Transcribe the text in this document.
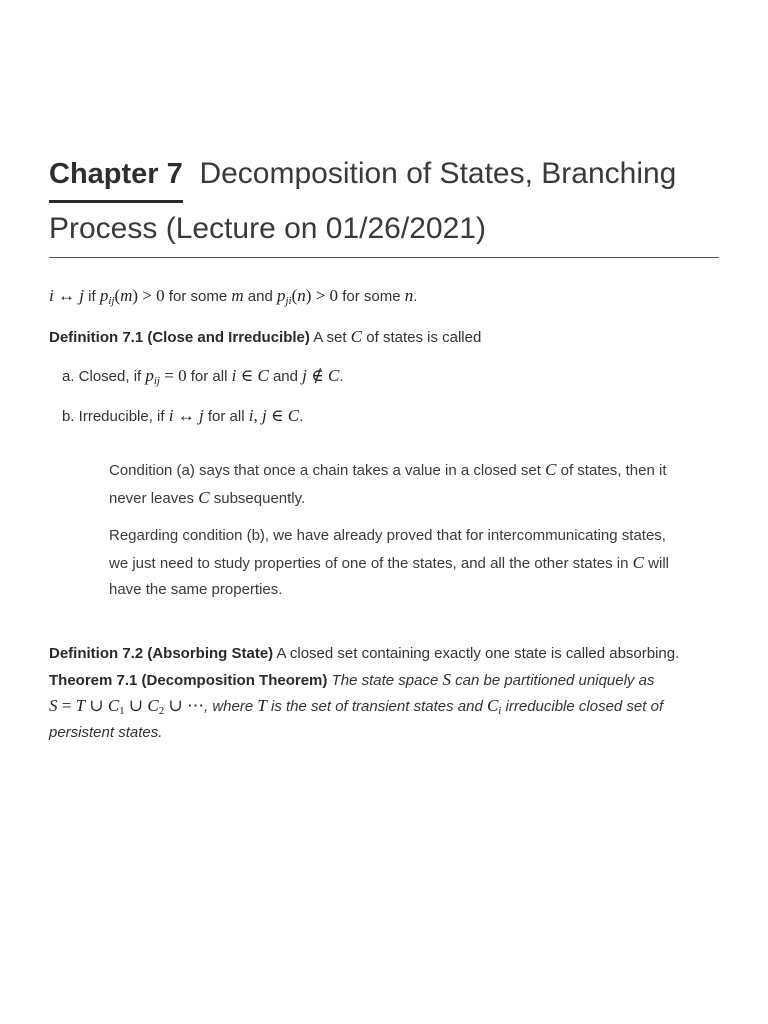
Chapter 7 Decomposition of States, Branching
Process (Lecture on 01/26/2021)
i ↔ j if pij(m) > 0 for some m and pji(n) > 0 for some n.
Definition 7.1 (Close and Irreducible) A set C of states is called
a. Closed, if pij = 0 for all i ∈ C and j ∉ C.
b. Irreducible, if i ↔ j for all i, j ∈ C.
Condition (a) says that once a chain takes a value in a closed set C of states, then it
never leaves C subsequently.
Regarding condition (b), we have already proved that for intercommunicating states,
we just need to study properties of one of the states, and all the other states in C will
have the same properties.
Definition 7.2 (Absorbing State) A closed set containing exactly one state is called absorbing.
Theorem 7.1 (Decomposition Theorem) The state space S can be partitioned uniquely as
S = T ∪ C1 ∪ C2 ∪ ⋯, where T is the set of transient states and Ci irreducible closed set of
persistent states.
